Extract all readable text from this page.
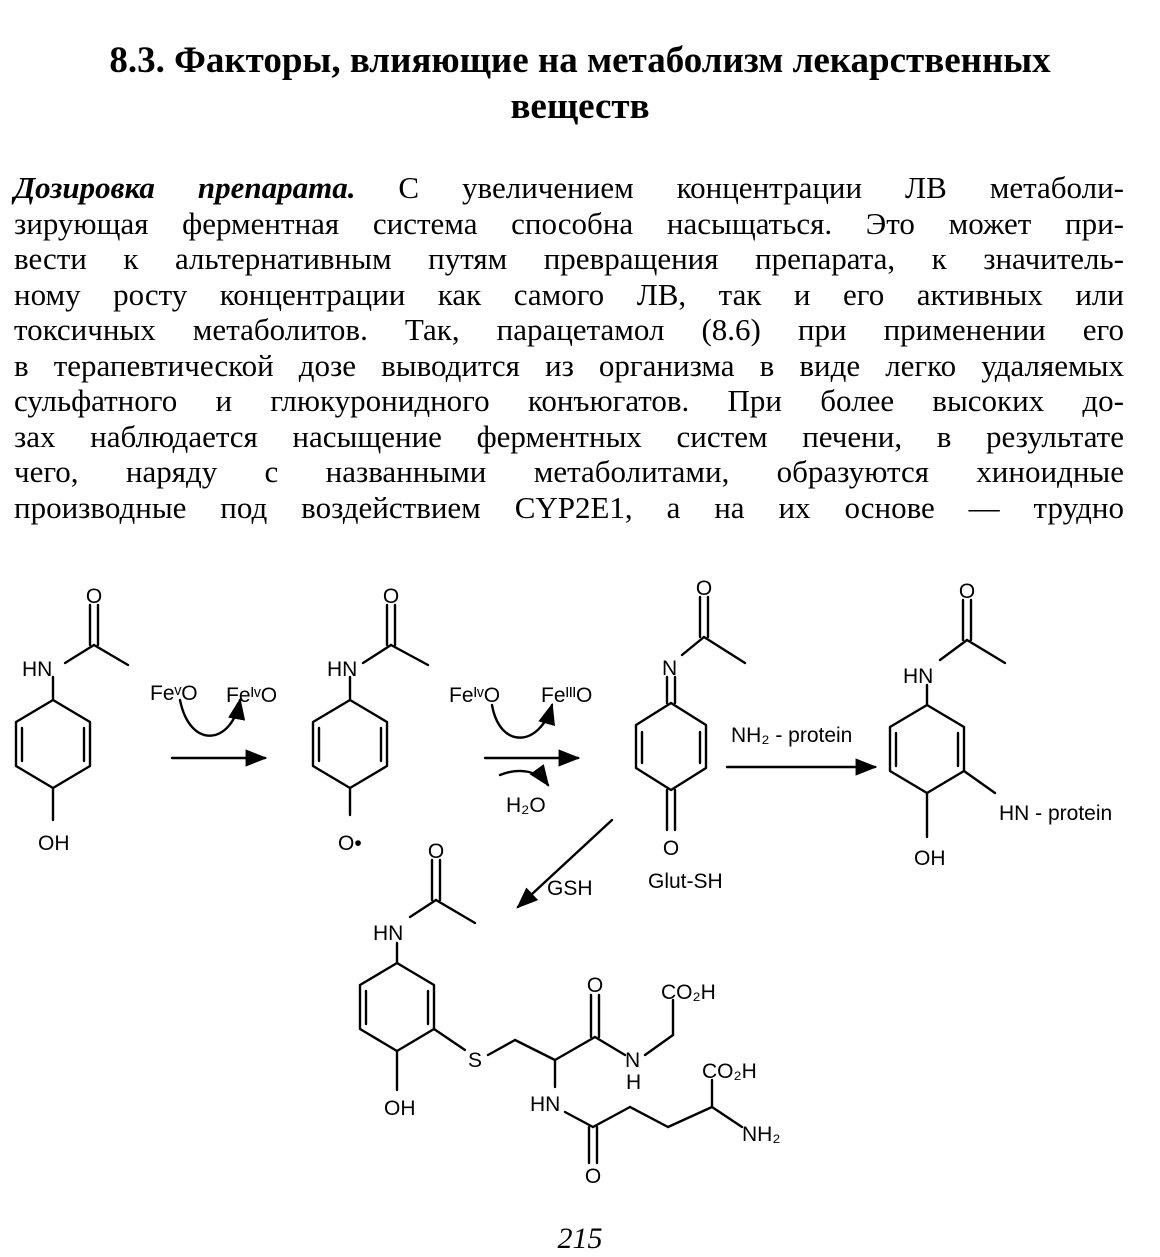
8.3. Факторы, влияющие на метаболизм лекарственных
веществ
Дозировка препарата. С увеличением концентрации ЛВ метаболи-
зирующая ферментная система способна насыщаться. Это может при-
вести к альтернативным путям превращения препарата, к значитель-
ному росту концентрации как самого ЛВ, так и его активных или
токсичных метаболитов. Так, парацетамол (8.6) при применении его
в терапевтической дозе выводится из организма в виде легко удаляемых
сульфатного и глюкуронидного конъюгатов. При более высоких до-
зах наблюдается насыщение ферментных систем печени, в результате
чего, наряду с названными метаболитами, образуются хиноидные
производные под воздействием CYP2E1, а на их основе — трудно
O
HN
OH
O
HN
O•
O
N
O
O
HN
OH
O
HN
OH
S
O
N
H
CO₂H
HN
O
CO₂H
NH₂
FeᵛO FeᴵᵛO	FeᴵᵛO FeᴵᴵᴵO
H₂O
NH₂ - protein
HN - protein
GSH	Glut-SH
215
